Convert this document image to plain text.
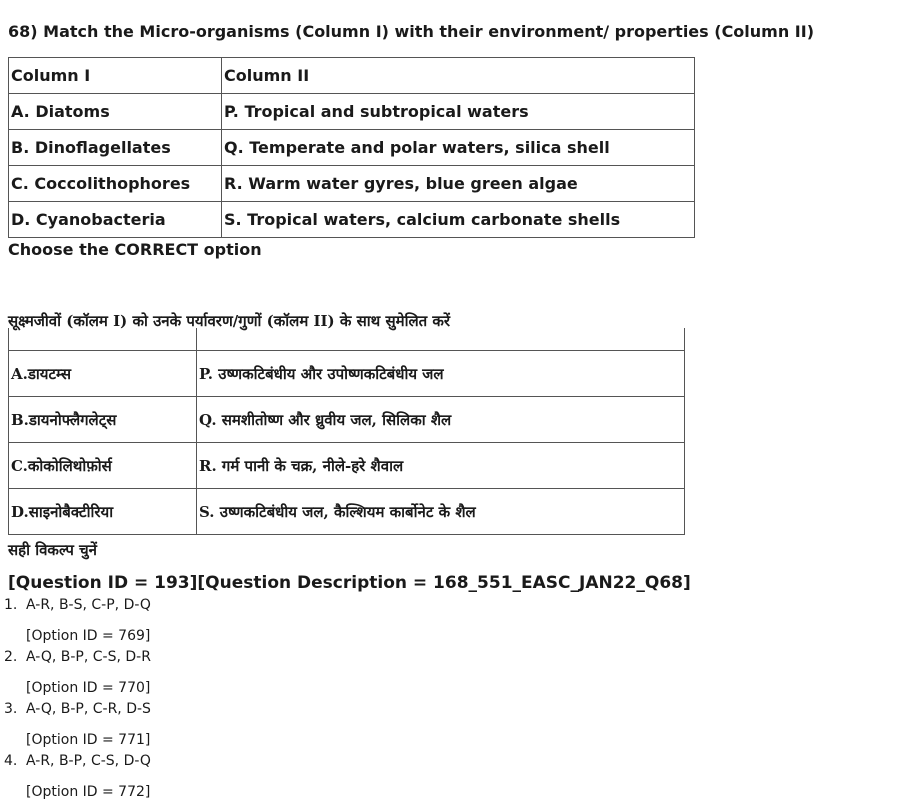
68) Match the Micro-organisms (Column I) with their environment/ properties (Column II)
Column I	Column II
A. Diatoms	P. Tropical and subtropical waters
B. Dinoflagellates	Q. Temperate and polar waters, silica shell
C. Coccolithophores	R. Warm water gyres, blue green algae
D. Cyanobacteria	S. Tropical waters, calcium carbonate shells
Choose the CORRECT option
सूक्ष्मजीवों (कॉलम I) को उनके पर्यावरण/गुणों (कॉलम II) के साथ सुमेलित करें

A.डायटम्स	P. उष्णकटिबंधीय और उपोष्णकटिबंधीय जल
B.डायनोफ्लैगलेट्स	Q. समशीतोष्ण और ध्रुवीय जल, सिलिका शैल
C.कोकोलिथोफ़ोर्स	R. गर्म पानी के चक्र, नीले-हरे शैवाल
D.साइनोबैक्टीरिया	S. उष्णकटिबंधीय जल, कैल्शियम कार्बोनेट के शैल
सही विकल्प चुनें
[Question ID = 193][Question Description = 168_551_EASC_JAN22_Q68]
1. A-R, B-S, C-P, D-Q
[Option ID = 769]
2. A-Q, B-P, C-S, D-R
[Option ID = 770]
3. A-Q, B-P, C-R, D-S
[Option ID = 771]
4. A-R, B-P, C-S, D-Q
[Option ID = 772]
